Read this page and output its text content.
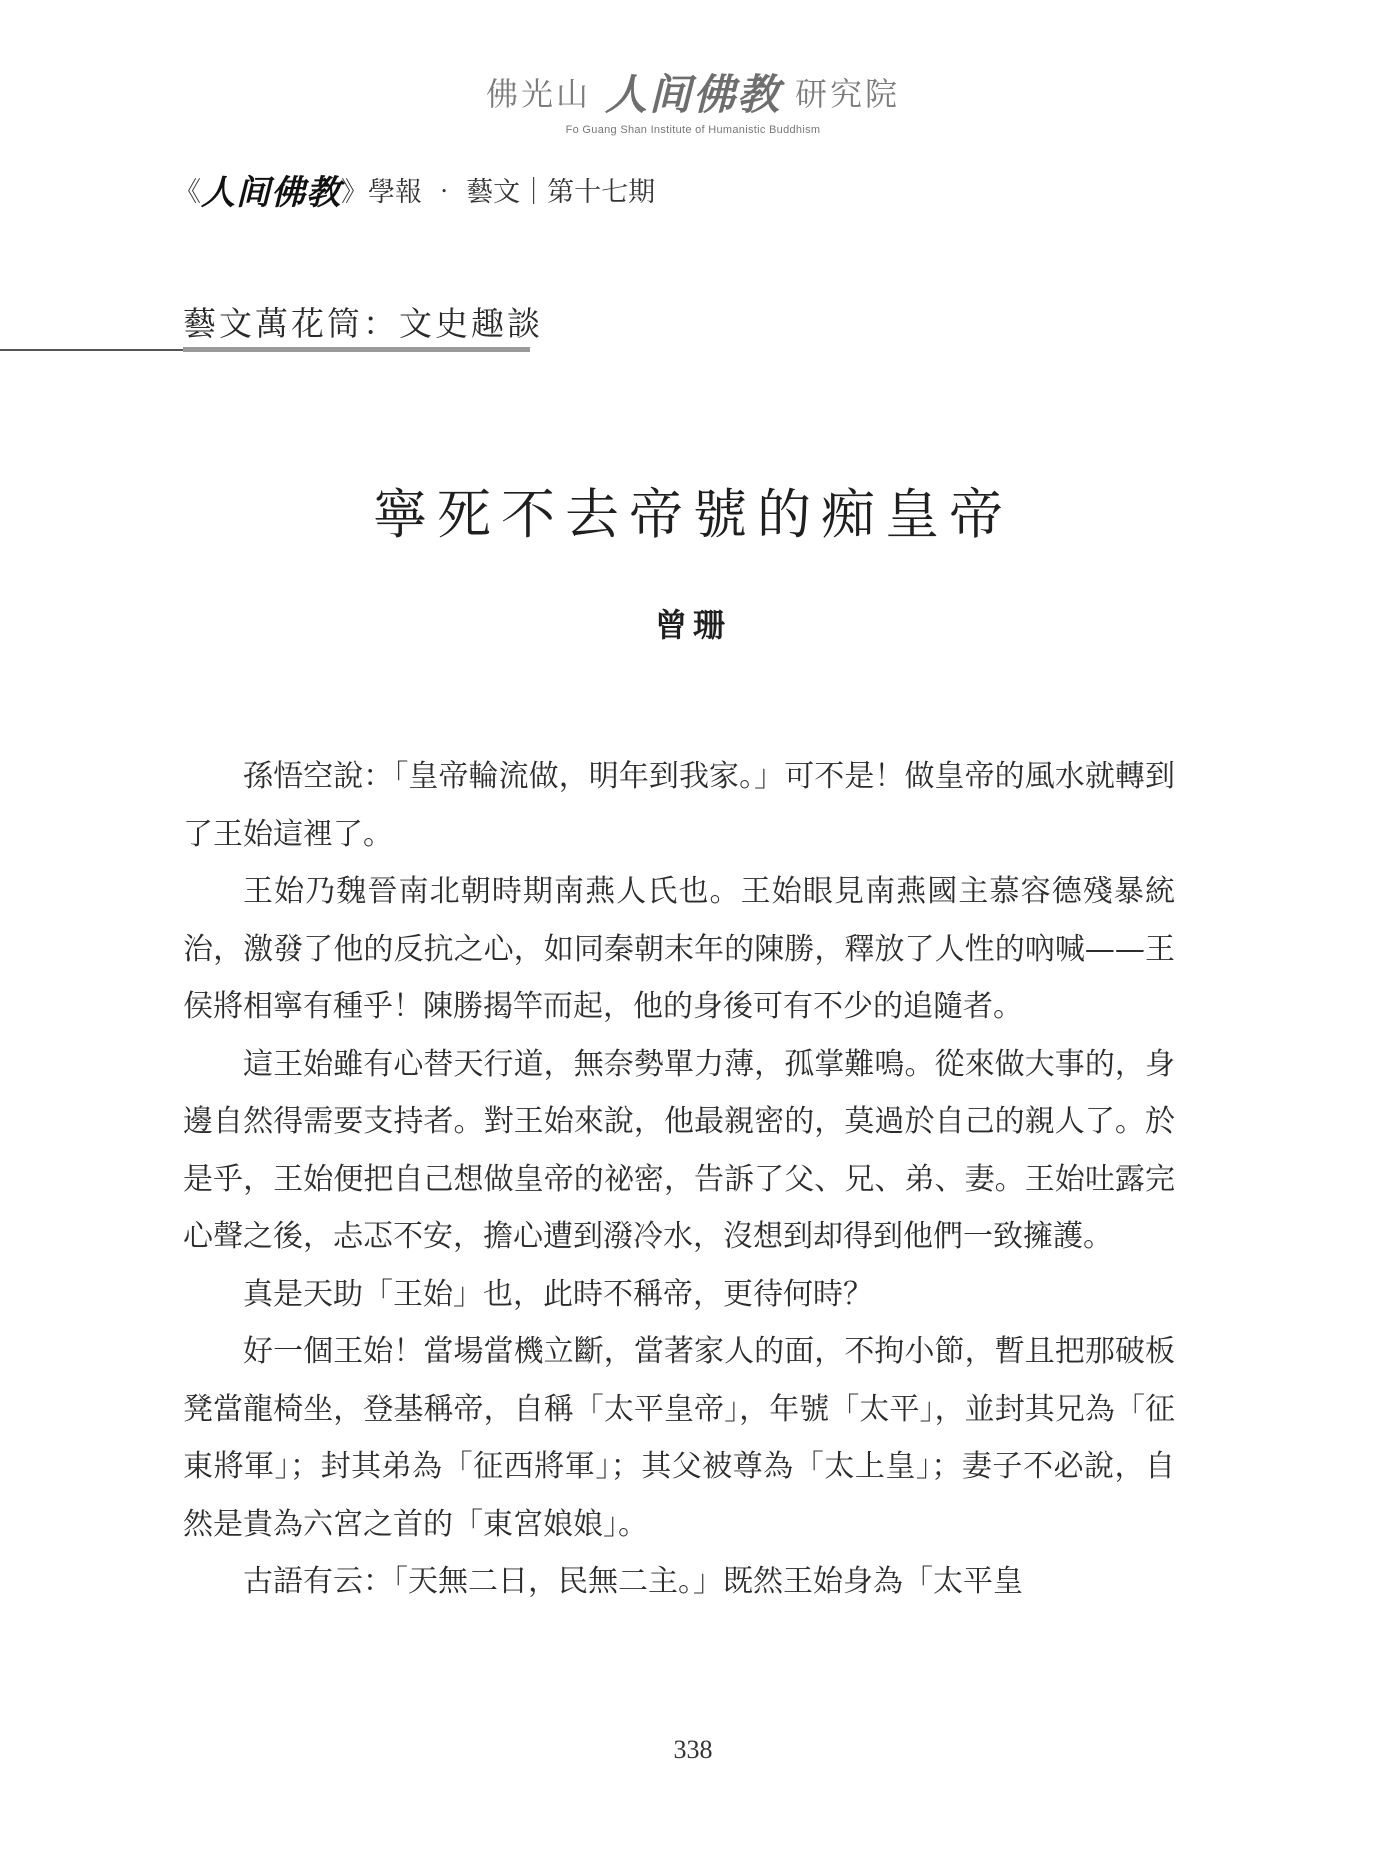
佛光山 人间佛教 研究院
Fo Guang Shan Institute of Humanistic Buddhism
《 人间佛教 》 學報 ‧ 藝文｜第十七期
藝文萬花筒：文史趣談
寧死不去帝號的痴皇帝
曾珊

孫悟空說：「皇帝輪流做，明年到我家。」可不是！做皇帝的風水就轉到了王始這裡了。

王始乃魏晉南北朝時期南燕人氏也。王始眼見南燕國主慕容德殘暴統治，激發了他的反抗之心，如同秦朝末年的陳勝，釋放了人性的吶喊——王侯將相寧有種乎！陳勝揭竿而起，他的身後可有不少的追隨者。

這王始雖有心替天行道，無奈勢單力薄，孤掌難鳴。從來做大事的，身邊自然得需要支持者。對王始來說，他最親密的，莫過於自己的親人了。於是乎，王始便把自己想做皇帝的祕密，告訴了父、兄、弟、妻。王始吐露完心聲之後，忐忑不安，擔心遭到潑冷水，沒想到却得到他們一致擁護。

真是天助「王始」也，此時不稱帝，更待何時？

好一個王始！當場當機立斷，當著家人的面，不拘小節，暫且把那破板凳當龍椅坐，登基稱帝，自稱「太平皇帝」，年號「太平」，並封其兄為「征東將軍」；封其弟為「征西將軍」；其父被尊為「太上皇」；妻子不必說，自然是貴為六宮之首的「東宮娘娘」。

古語有云：「天無二日，民無二主。」既然王始身為「太平皇

338
